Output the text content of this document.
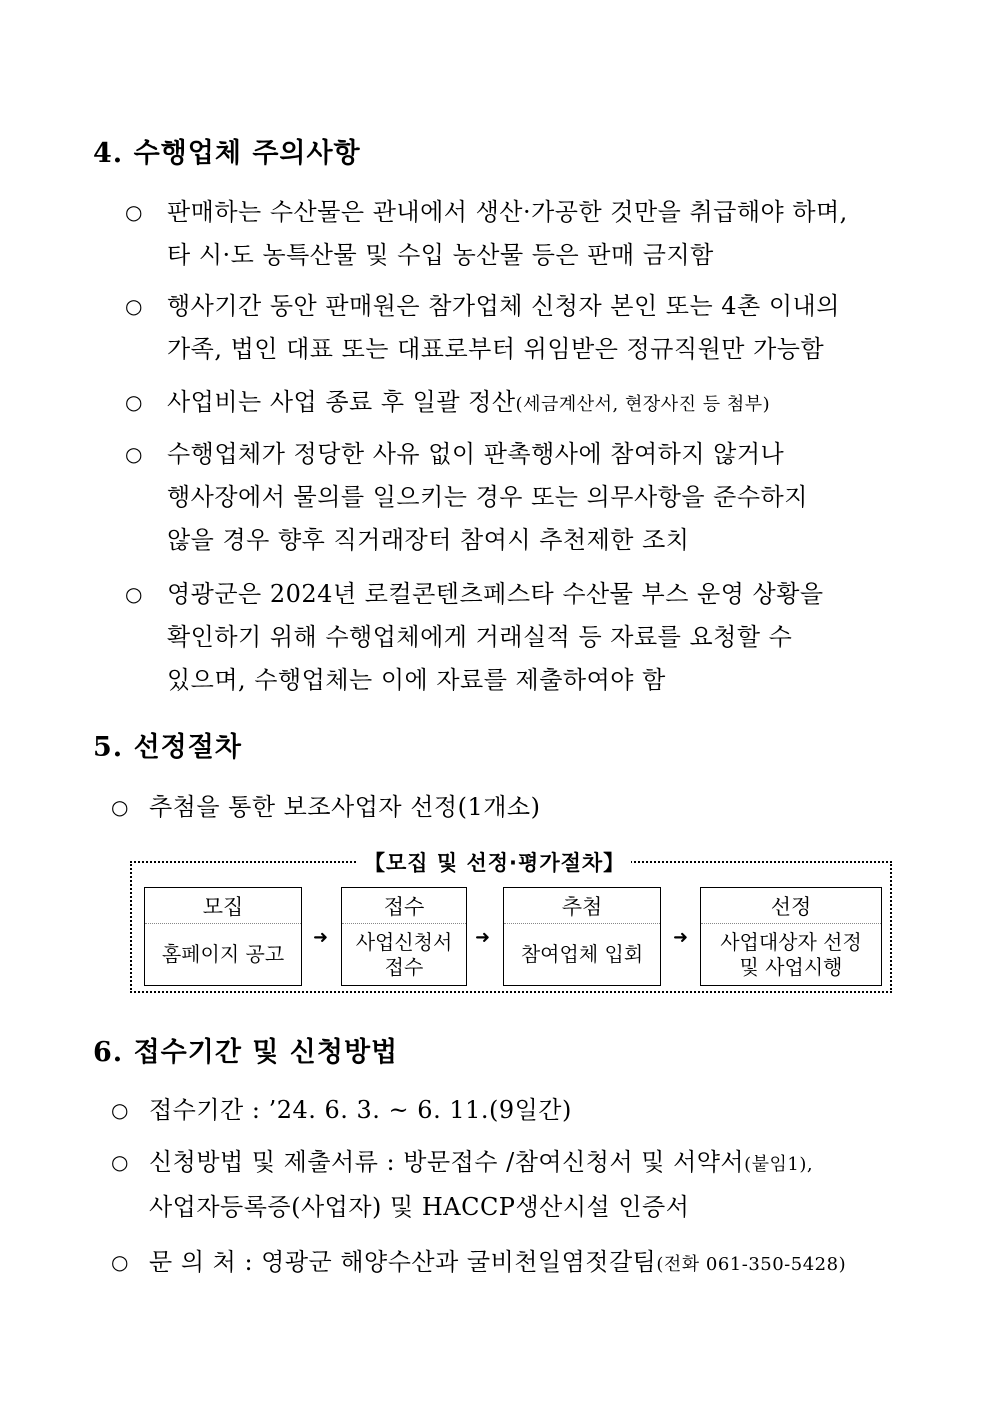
4. 수행업체 주의사항
○ 판매하는 수산물은 관내에서 생산·가공한 것만을 취급해야 하며,
타 시·도 농특산물 및 수입 농산물 등은 판매 금지함
○ 행사기간 동안 판매원은 참가업체 신청자 본인 또는 4촌 이내의
가족, 법인 대표 또는 대표로부터 위임받은 정규직원만 가능함
○ 사업비는 사업 종료 후 일괄 정산(세금계산서, 현장사진 등 첨부)
○ 수행업체가 정당한 사유 없이 판촉행사에 참여하지 않거나
행사장에서 물의를 일으키는 경우 또는 의무사항을 준수하지
않을 경우 향후 직거래장터 참여시 추천제한 조치
○ 영광군은 2024년 로컬콘텐츠페스타 수산물 부스 운영 상황을
확인하기 위해 수행업체에게 거래실적 등 자료를 요청할 수
있으며, 수행업체는 이에 자료를 제출하여야 함
5. 선정절차
○ 추첨을 통한 보조사업자 선정(1개소)
【모집 및 선정·평가절차】
모집
홈페이지 공고
➜
접수
사업신청서
접수
➜
추첨
참여업체 입회
➜
선정
사업대상자 선정
및 사업시행
6. 접수기간 및 신청방법
○ 접수기간 : ’24. 6. 3. ~ 6. 11.(9일간)
○ 신청방법 및 제출서류 : 방문접수 /참여신청서 및 서약서(붙임1),
사업자등록증(사업자) 및 HACCP생산시설 인증서
○ 문 의 처 : 영광군 해양수산과 굴비천일염젓갈팀(전화 061-350-5428)
